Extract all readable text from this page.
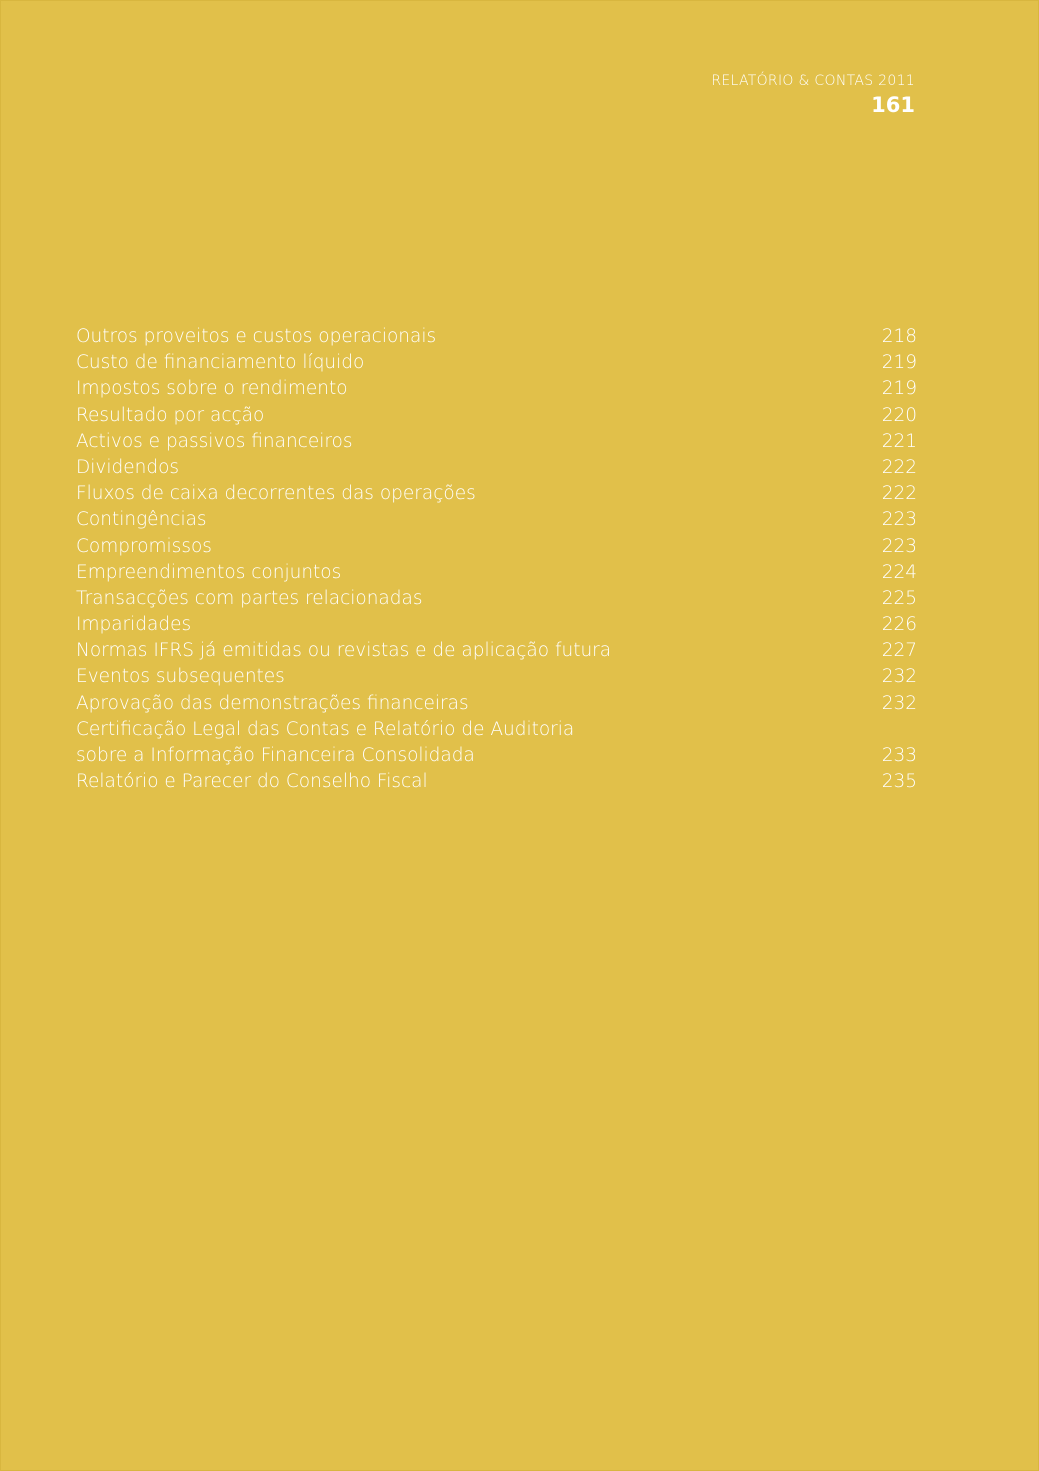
RELATÓRIO & CONTAS 2011
161
Outros proveitos e custos operacionais	218
Custo de financiamento líquido	219
Impostos sobre o rendimento	219
Resultado por acção	220
Activos e passivos financeiros	221
Dividendos	222
Fluxos de caixa decorrentes das operações	222
Contingências	223
Compromissos	223
Empreendimentos conjuntos	224
Transacções com partes relacionadas	225
Imparidades	226
Normas IFRS já emitidas ou revistas e de aplicação futura	227
Eventos subsequentes	232
Aprovação das demonstrações financeiras	232
Certificação Legal das Contas e Relatório de Auditoria
sobre a Informação Financeira Consolidada	233
Relatório e Parecer do Conselho Fiscal	235
